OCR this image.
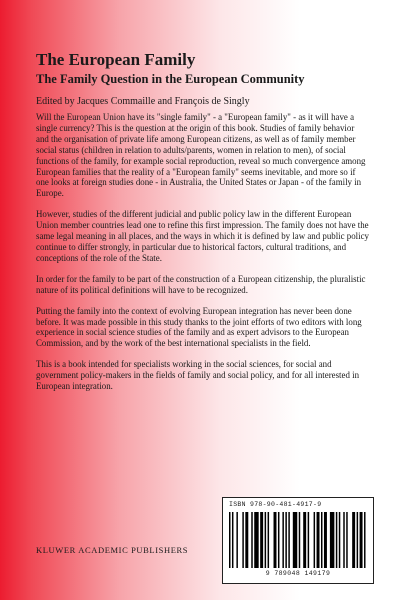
The European Family
The Family Question in the European Community
Edited by Jacques Commaille and François de Singly

Will the European Union have its "single family" - a "European family" - as it will have a single currency? This is the question at the origin of this book. Studies of family behavior and the organisation of private life among European citizens, as well as of family member social status (children in relation to adults/parents, women in relation to men), of social functions of the family, for example social reproduction, reveal so much convergence among European families that the reality of a "European family" seems inevitable, and more so if one looks at foreign studies done - in Australia, the United States or Japan - of the family in Europe.

However, studies of the different judicial and public policy law in the different European Union member countries lead one to refine this first impression. The family does not have the same legal meaning in all places, and the ways in which it is defined by law and public policy continue to differ strongly, in particular due to historical factors, cultural traditions, and conceptions of the role of the State.

In order for the family to be part of the construction of a European citizenship, the pluralistic nature of its political definitions will have to be recognized.

Putting the family into the context of evolving European integration has never been done before. It was made possible in this study thanks to the joint efforts of two editors with long experience in social science studies of the family and as expert advisors to the European Commission, and by the work of the best international specialists in the field.

This is a book intended for specialists working in the social sciences, for social and government policy-makers in the fields of family and social policy, and for all interested in European integration.

ISBN 978-90-481-4917-9
9 789048 149179
KLUWER ACADEMIC PUBLISHERS
